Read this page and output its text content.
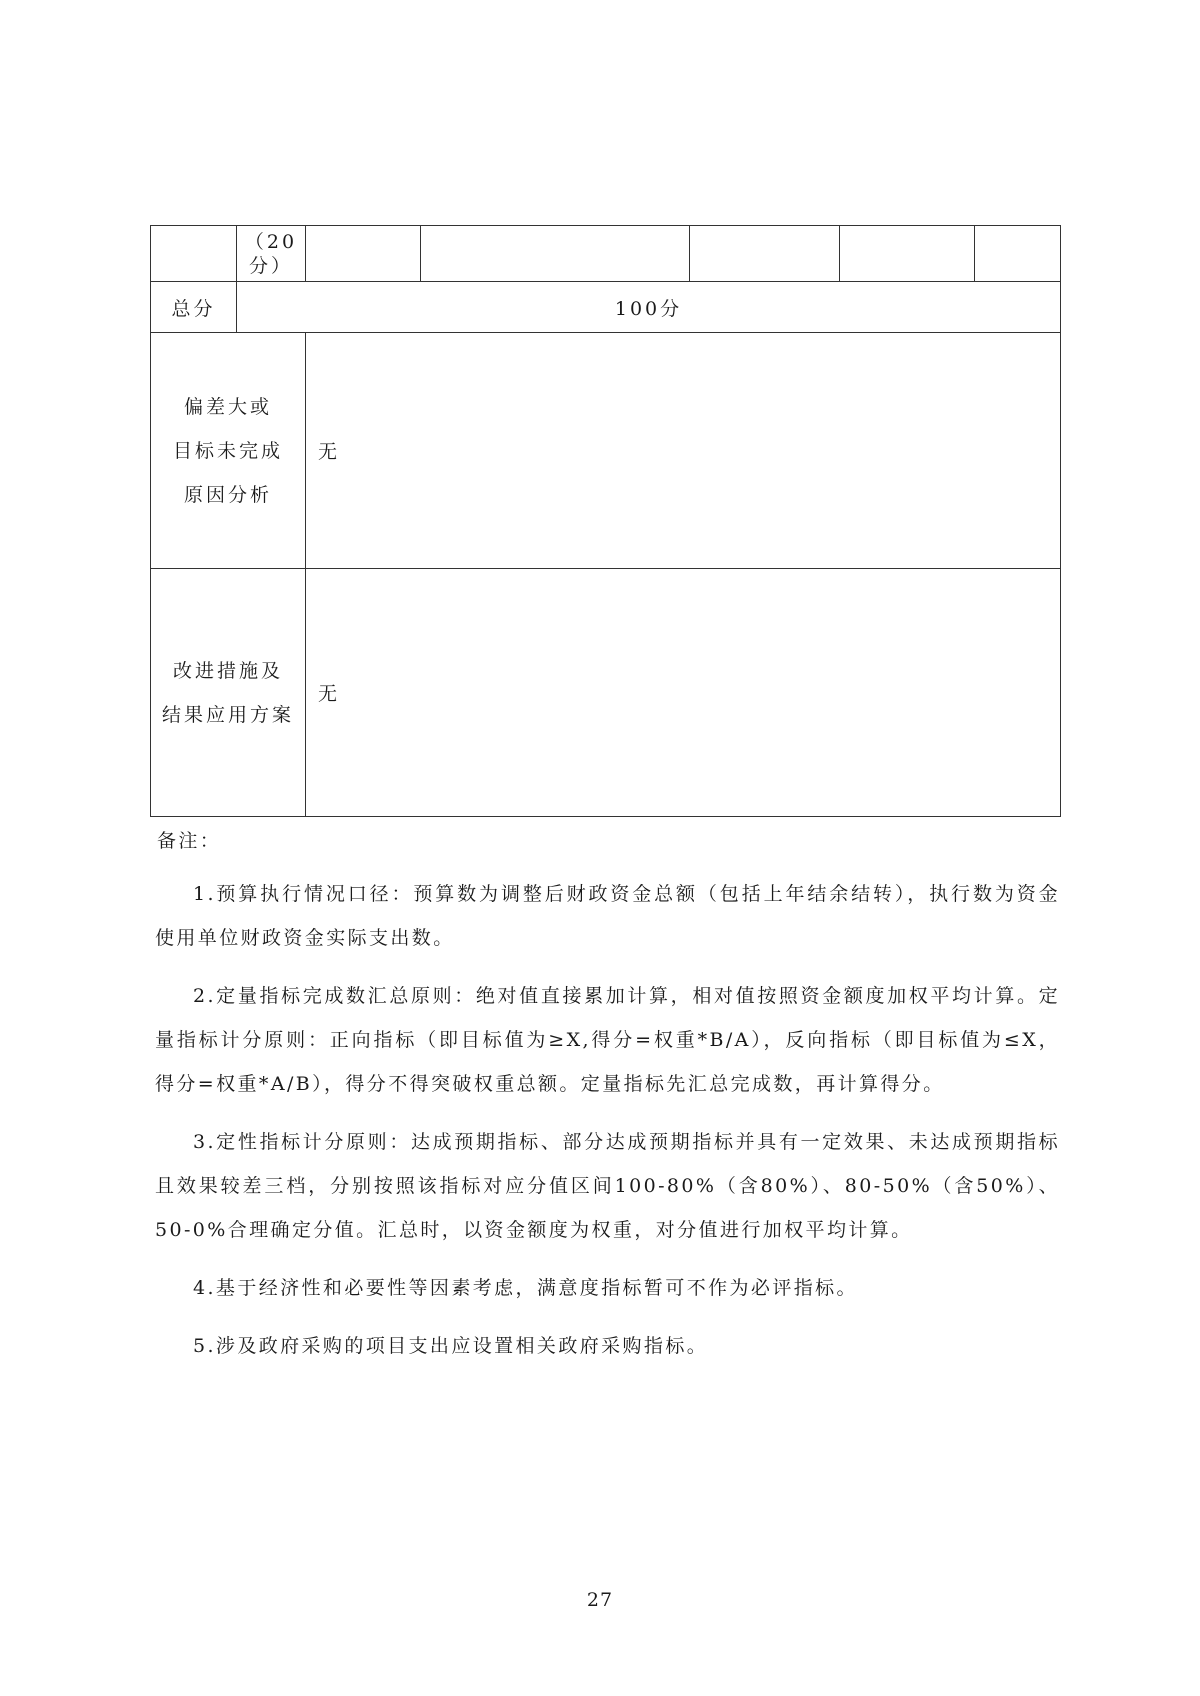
	（20
分）					

总分	100分					

偏差大或
目标未完成
原因分析		无				

改进措施及
结果应用方案		无				
备注：

1.预算执行情况口径：预算数为调整后财政资金总额（包括上年结余结转），执行数为资金使用单位财政资金实际支出数。

2.定量指标完成数汇总原则：绝对值直接累加计算，相对值按照资金额度加权平均计算。定量指标计分原则：正向指标（即目标值为≥X,得分=权重*B/A），反向指标（即目标值为≤X，得分=权重*A/B），得分不得突破权重总额。定量指标先汇总完成数，再计算得分。

3.定性指标计分原则：达成预期指标、部分达成预期指标并具有一定效果、未达成预期指标且效果较差三档，分别按照该指标对应分值区间100-80%（含80%）、80-50%（含50%）、50-0%合理确定分值。汇总时，以资金额度为权重，对分值进行加权平均计算。

4.基于经济性和必要性等因素考虑，满意度指标暂可不作为必评指标。

5.涉及政府采购的项目支出应设置相关政府采购指标。

27
